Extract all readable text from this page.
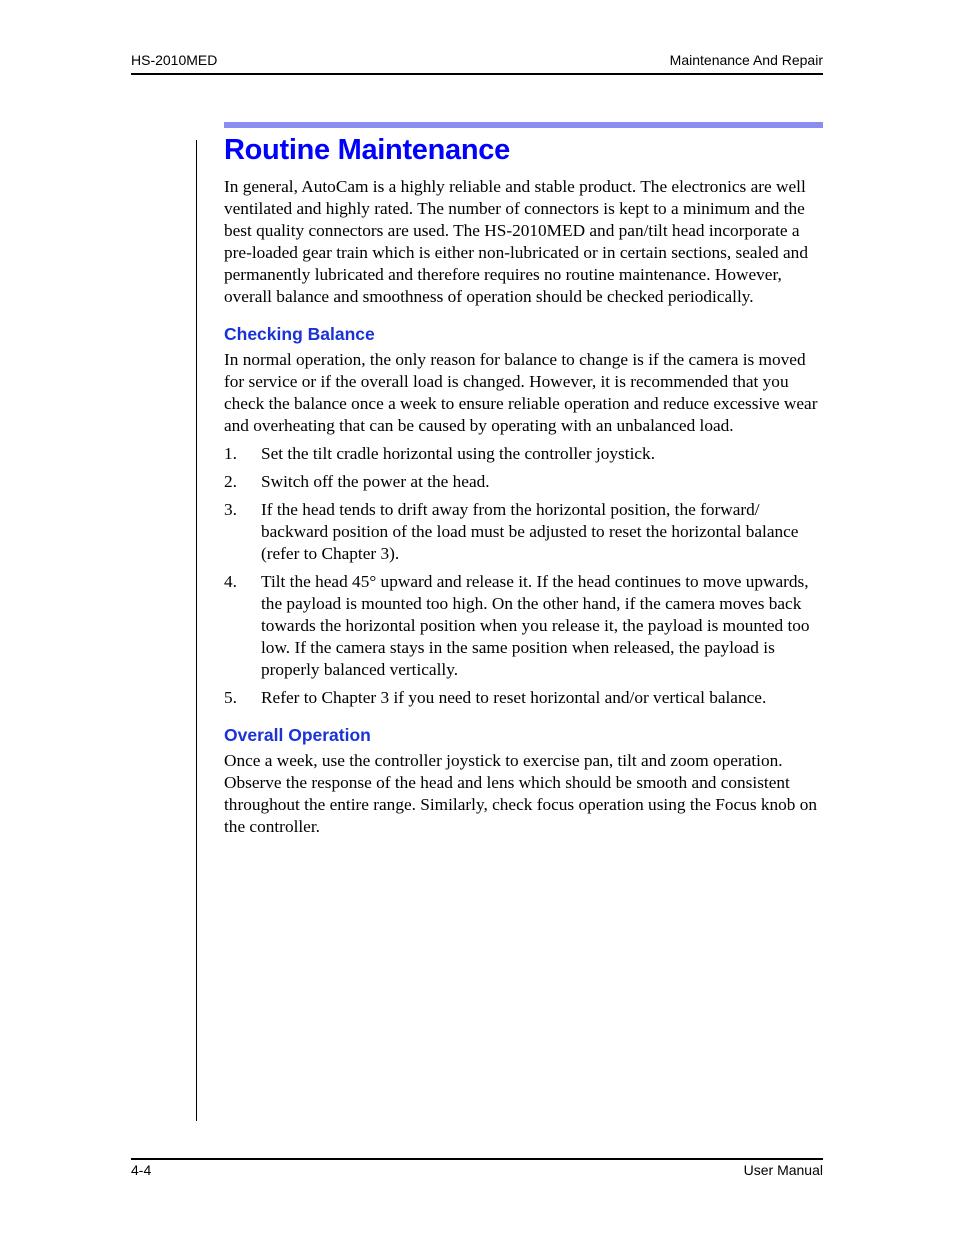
HS-2010MED	Maintenance And Repair
Routine Maintenance

In general, AutoCam is a highly reliable and stable product. The electronics are well ventilated and highly rated. The number of connectors is kept to a minimum and the best quality connectors are used. The HS-2010MED and pan/tilt head incorporate a pre-loaded gear train which is either non-lubricated or in certain sections, sealed and permanently lubricated and therefore requires no routine maintenance. However, overall balance and smoothness of operation should be checked periodically.

Checking Balance

In normal operation, the only reason for balance to change is if the camera is moved for service or if the overall load is changed. However, it is recommended that you check the balance once a week to ensure reliable operation and reduce excessive wear and overheating that can be caused by operating with an unbalanced load.

1. Set the tilt cradle horizontal using the controller joystick.
2. Switch off the power at the head.
3. If the head tends to drift away from the horizontal position, the forward/ backward position of the load must be adjusted to reset the horizontal balance (refer to Chapter 3).
4. Tilt the head 45° upward and release it. If the head continues to move upwards, the payload is mounted too high. On the other hand, if the camera moves back towards the horizontal position when you release it, the payload is mounted too low. If the camera stays in the same position when released, the payload is properly balanced vertically.
5. Refer to Chapter 3 if you need to reset horizontal and/or vertical balance.
Overall Operation

Once a week, use the controller joystick to exercise pan, tilt and zoom operation. Observe the response of the head and lens which should be smooth and consistent throughout the entire range. Similarly, check focus operation using the Focus knob on the controller.

4-4	User Manual
